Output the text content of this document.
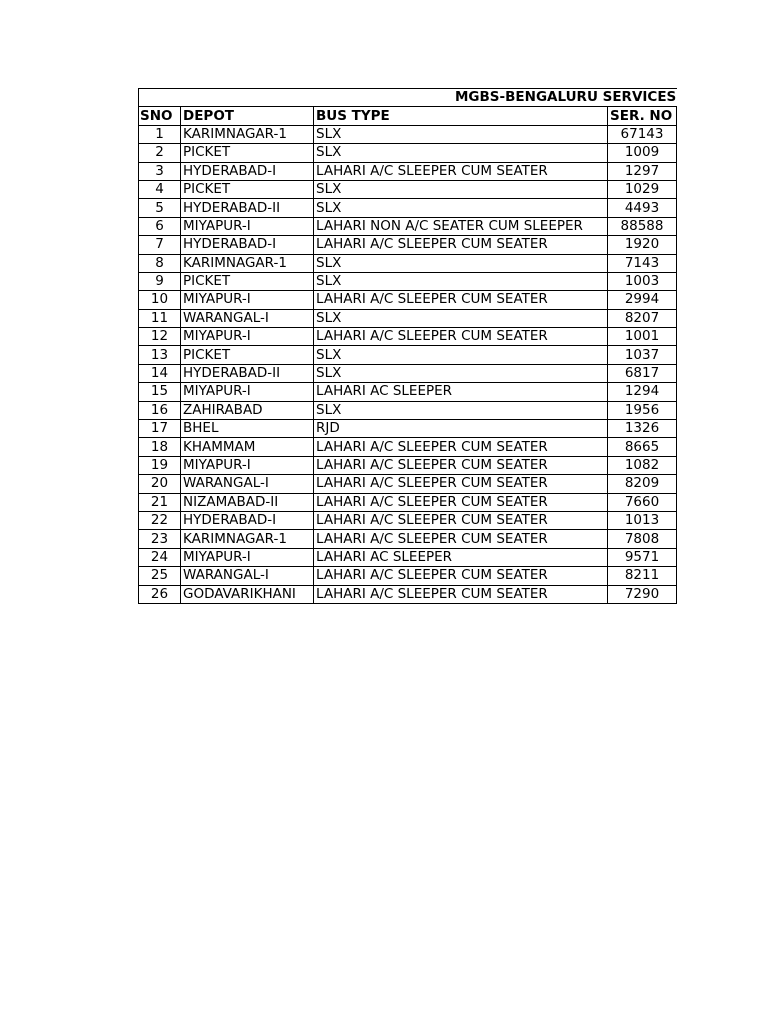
MGBS-BENGALURU SERVICES			

SNO	DEPOT	BUS TYPE	SER. NO
1	KARIMNAGAR-1	SLX	67143
2	PICKET	SLX	1009
3	HYDERABAD-I	LAHARI A/C SLEEPER CUM SEATER	1297
4	PICKET	SLX	1029
5	HYDERABAD-II	SLX	4493
6	MIYAPUR-I	LAHARI NON A/C SEATER CUM SLEEPER	88588
7	HYDERABAD-I	LAHARI A/C SLEEPER CUM SEATER	1920
8	KARIMNAGAR-1	SLX	7143
9	PICKET	SLX	1003
10	MIYAPUR-I	LAHARI A/C SLEEPER CUM SEATER	2994
11	WARANGAL-I	SLX	8207
12	MIYAPUR-I	LAHARI A/C SLEEPER CUM SEATER	1001
13	PICKET	SLX	1037
14	HYDERABAD-II	SLX	6817
15	MIYAPUR-I	LAHARI AC SLEEPER	1294
16	ZAHIRABAD	SLX	1956
17	BHEL	RJD	1326
18	KHAMMAM	LAHARI A/C SLEEPER CUM SEATER	8665
19	MIYAPUR-I	LAHARI A/C SLEEPER CUM SEATER	1082
20	WARANGAL-I	LAHARI A/C SLEEPER CUM SEATER	8209
21	NIZAMABAD-II	LAHARI A/C SLEEPER CUM SEATER	7660
22	HYDERABAD-I	LAHARI A/C SLEEPER CUM SEATER	1013
23	KARIMNAGAR-1	LAHARI A/C SLEEPER CUM SEATER	7808
24	MIYAPUR-I	LAHARI AC SLEEPER	9571
25	WARANGAL-I	LAHARI A/C SLEEPER CUM SEATER	8211
26	GODAVARIKHANI	LAHARI A/C SLEEPER CUM SEATER	7290
